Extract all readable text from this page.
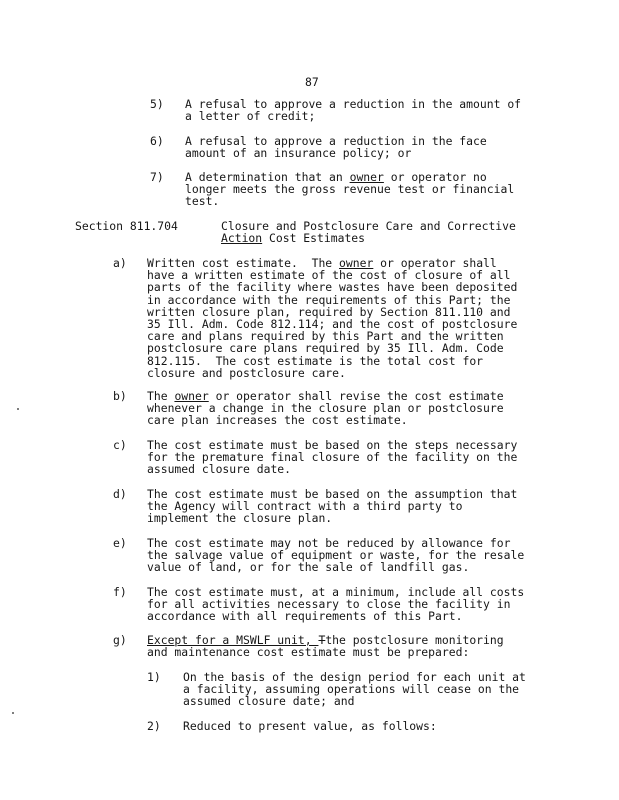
87
5) A refusal to approve a reduction in the amount of
a letter of credit;
6) A refusal to approve a reduction in the face
amount of an insurance policy; or
7) A determination that an owner or operator no
longer meets the gross revenue test or financial
test.
Section 811.704	Closure and Postclosure Care and Corrective
Action Cost Estimates
a) Written cost estimate.  The owner or operator shall
have a written estimate of the cost of closure of all
parts of the facility where wastes have been deposited
in accordance with the requirements of this Part; the
written closure plan, required by Section 811.110 and
35 Ill. Adm. Code 812.114; and the cost of postclosure
care and plans required by this Part and the written
postclosure care plans required by 35 Ill. Adm. Code
812.115.  The cost estimate is the total cost for
closure and postclosure care.
b) The owner or operator shall revise the cost estimate
whenever a change in the closure plan or postclosure
care plan increases the cost estimate.
c) The cost estimate must be based on the steps necessary
for the premature final closure of the facility on the
assumed closure date.
d) The cost estimate must be based on the assumption that
the Agency will contract with a third party to
implement the closure plan.
e) The cost estimate may not be reduced by allowance for
the salvage value of equipment or waste, for the resale
value of land, or for the sale of landfill gas.
f) The cost estimate must, at a minimum, include all costs
for all activities necessary to close the facility in
accordance with all requirements of this Part.
g) Except for a MSWLF unit, Tthe postclosure monitoring
and maintenance cost estimate must be prepared:
1) On the basis of the design period for each unit at
a facility, assuming operations will cease on the
assumed closure date; and
2) Reduced to present value, as follows:
